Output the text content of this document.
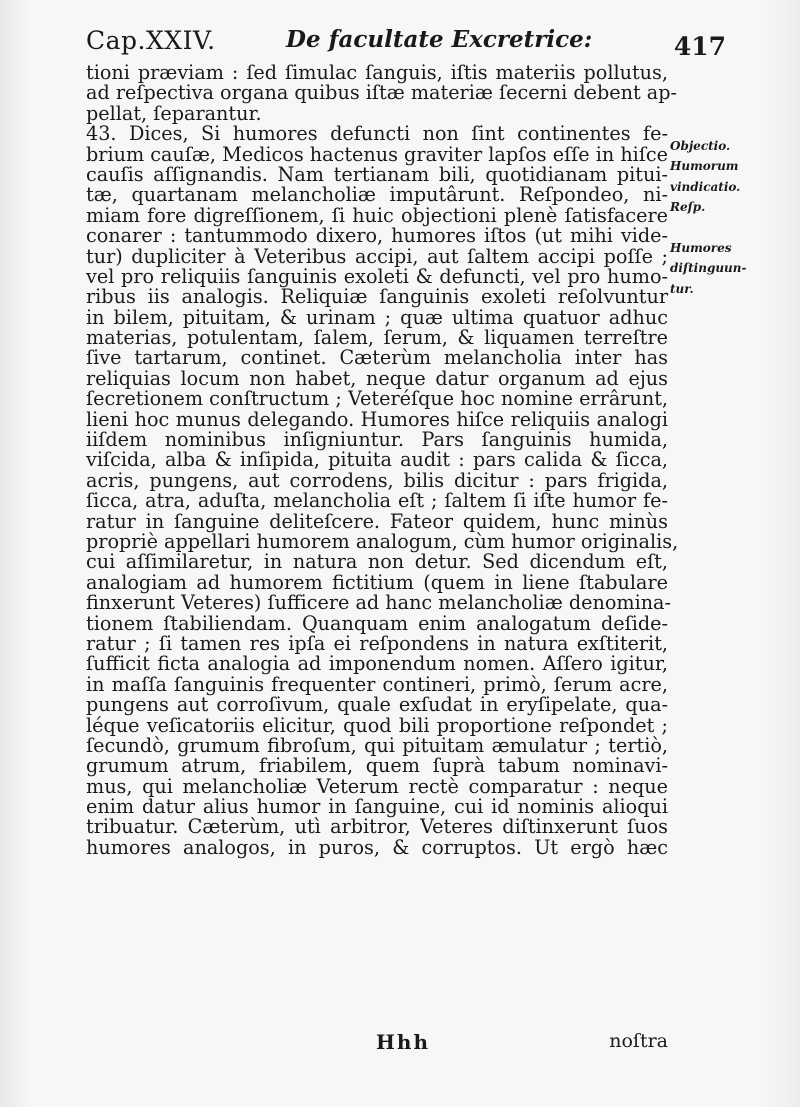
Cap.XXIV.	De facultate Excretrice:	417
tioni præviam : ſed ſimulac ſanguis, iſtis materiis pollutus,
ad reſpectiva organa quibus iſtæ materiæ ſecerni debent ap-
pellat, ſeparantur.
43. Dices, Si humores defuncti non ſint continentes fe-
brium cauſæ, Medicos hactenus graviter lapſos eſſe in hiſce
cauſis aſſignandis. Nam tertianam bili, quotidianam pitui-
tæ, quartanam melancholiæ imputârunt. Reſpondeo, ni-
miam fore digreſſionem, ſi huic objectioni plenè ſatisfacere
conarer : tantummodo dixero, humores iſtos (ut mihi vide-
tur) dupliciter à Veteribus accipi, aut ſaltem accipi poſſe ;
vel pro reliquiis ſanguinis exoleti & defuncti, vel pro humo-
ribus iis analogis. Reliquiæ ſanguinis exoleti reſolvuntur
in bilem, pituitam, & urinam ; quæ ultima quatuor adhuc
materias, potulentam, ſalem, ſerum, & liquamen terreſtre
ſive tartarum, continet. Cæterùm melancholia inter has
reliquias locum non habet, neque datur organum ad ejus
ſecretionem conſtructum ; Veteréſque hoc nomine errârunt,
lieni hoc munus delegando. Humores hiſce reliquiis analogi
iiſdem nominibus inſigniuntur. Pars ſanguinis humida,
viſcida, alba & inſipida, pituita audit : pars calida & ſicca,
acris, pungens, aut corrodens, bilis dicitur : pars frigida,
ſicca, atra, aduſta, melancholia eſt ; ſaltem ſi iſte humor fe-
ratur in ſanguine deliteſcere. Fateor quidem, hunc minùs
propriè appellari humorem analogum, cùm humor originalis,
cui aſſimilaretur, in natura non detur. Sed dicendum eſt,
analogiam ad humorem fictitium (quem in liene ſtabulare
finxerunt Veteres) ſufficere ad hanc melancholiæ denomina-
tionem ſtabiliendam. Quanquam enim analogatum deſide-
ratur ; ſi tamen res ipſa ei reſpondens in natura exſtiterit,
ſufficit ficta analogia ad imponendum nomen. Aſſero igitur,
in maſſa ſanguinis frequenter contineri, primò, ſerum acre,
pungens aut corroſivum, quale exſudat in eryſipelate, qua-
léque veſicatoriis elicitur, quod bili proportione reſpondet ;
ſecundò, grumum fibroſum, qui pituitam æmulatur ; tertiò,
grumum atrum, friabilem, quem ſuprà tabum nominavi-
mus, qui melancholiæ Veterum rectè comparatur : neque
enim datur alius humor in ſanguine, cui id nominis alioqui
tribuatur. Cæterùm, utì arbitror, Veteres diſtinxerunt ſuos
humores analogos, in puros, & corruptos. Ut ergò hæc
Objectio.
Humorum
vindicatio.
Reſp.

Humores
diſtinguun-
tur.
Hhh	noſtra
